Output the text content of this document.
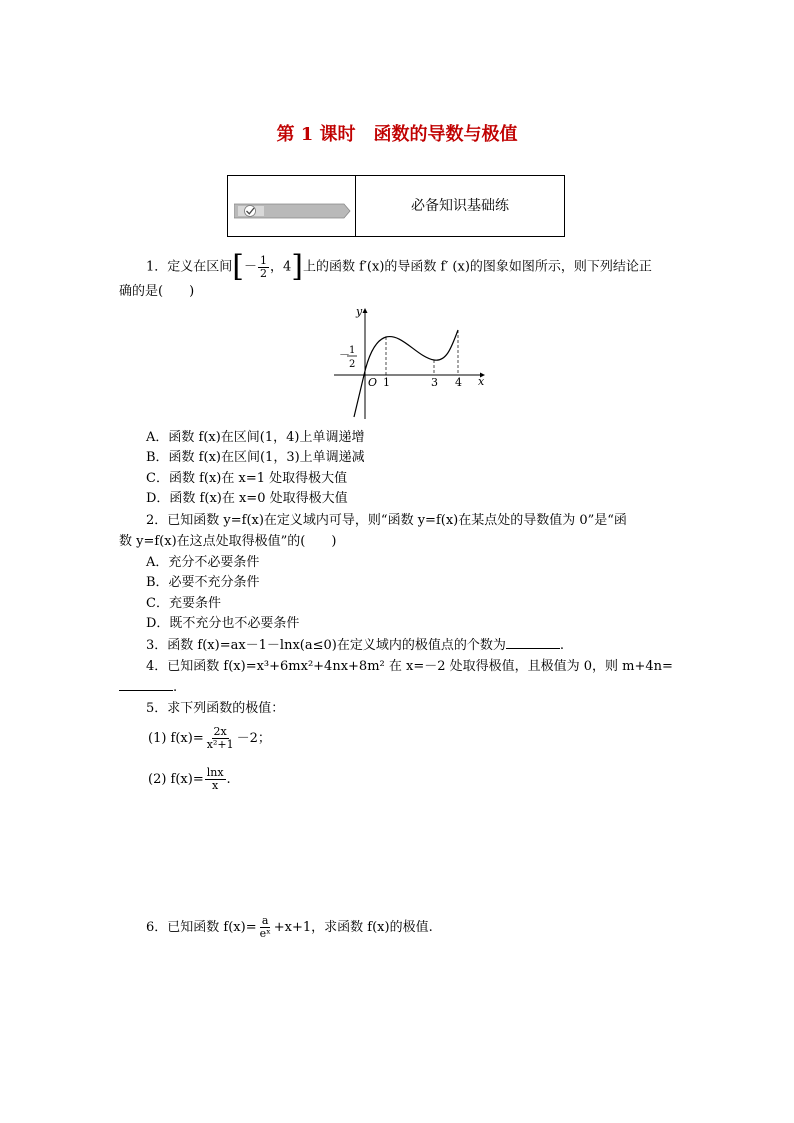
第 1 课时　函数的导数与极值
必备知识基础练
1．定义在区间[－ $\frac{1}{2}$ ，4]上的函数 f′(x)的导函数 f′ (x)的图象如图所示，则下列结论正
确的是(　　)
y
x
O 1	3 4
－ 1
2
A．函数 f(x)在区间(1，4)上单调递增
B．函数 f(x)在区间(1，3)上单调递减
C．函数 f(x)在 x=1 处取得极大值
D．函数 f(x)在 x=0 处取得极大值
2．已知函数 y=f(x)在定义域内可导，则“函数 y=f(x)在某点处的导数值为 0”是“函
数 y=f(x)在这点处取得极值”的(　　)
A．充分不必要条件
B．必要不充分条件
C．充要条件
D．既不充分也不必要条件
3．函数 f(x)=ax－1－lnx(a≤0)在定义域内的极值点的个数为	.
4．已知函数 f(x)=x³+6mx²+4nx+8m² 在 x=－2 处取得极值，且极值为 0，则 m+4n=
.
5．求下列函数的极值：
(1) $f(x)= \frac{2x}{\text{x²+1}} -2$；
(2) $f(x)= \frac{\ln x}{x}$ .
6．已知函数 $f(x)= \frac{a}{\text{eˣ}} +x+1$，求函数 f(x)的极值.
